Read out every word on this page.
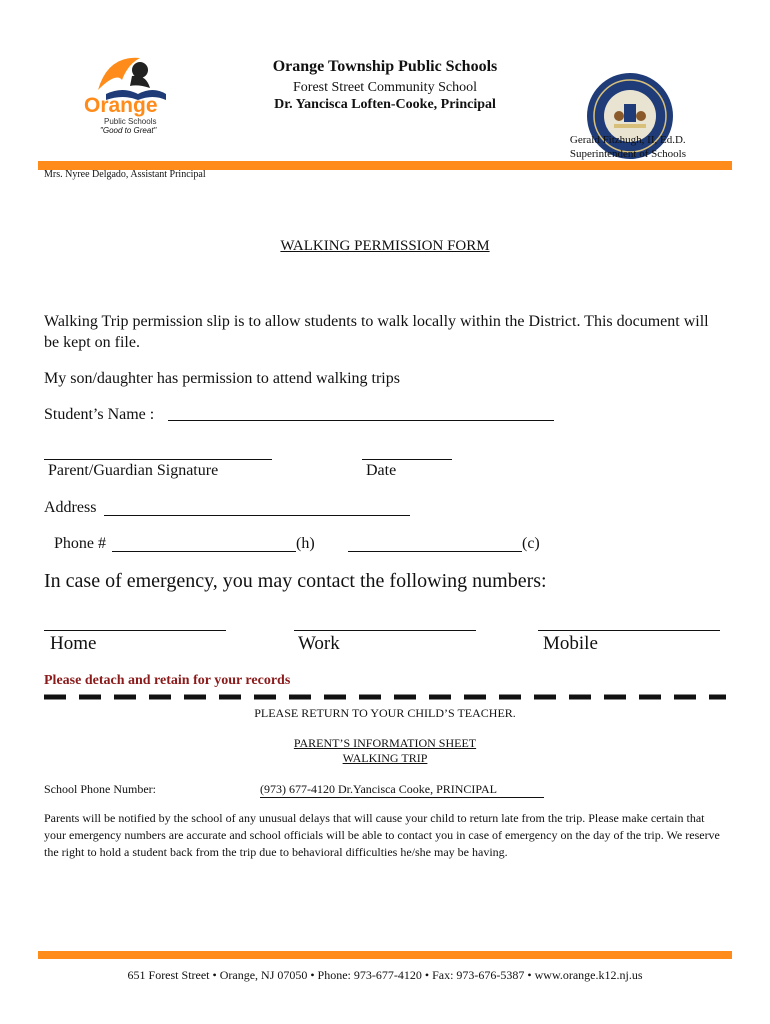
Orange
Public Schools
"Good to Great"
Orange Township Public Schools
Forest Street Community School
Dr. Yancisca Loften-Cooke, Principal
Gerald Fitzhugh, II, Ed.D.
Superintendent of Schools
Mrs. Nyree Delgado, Assistant Principal
WALKING PERMISSION FORM
Walking Trip permission slip is to allow students to walk locally within the District. This document will be kept on file.
My son/daughter has permission to attend walking trips
Student’s Name :
Parent/Guardian Signature	Date
Address
Phone #	(h)	(c)
In case of emergency, you may contact the following numbers:
Home	Work	Mobile
Please detach and retain for your records
PLEASE RETURN TO YOUR CHILD’S TEACHER.
PARENT’S INFORMATION SHEET
WALKING TRIP
School Phone Number:	(973) 677-4120 Dr.Yancisca Cooke, PRINCIPAL
Parents will be notified by the school of any unusual delays that will cause your child to return late from the trip. Please make certain that your emergency numbers are accurate and school officials will be able to contact you in case of emergency on the day of the trip. We reserve the right to hold a student back from the trip due to behavioral difficulties he/she may be having.
651 Forest Street • Orange, NJ 07050 • Phone: 973-677-4120 • Fax: 973-676-5387 • www.orange.k12.nj.us
